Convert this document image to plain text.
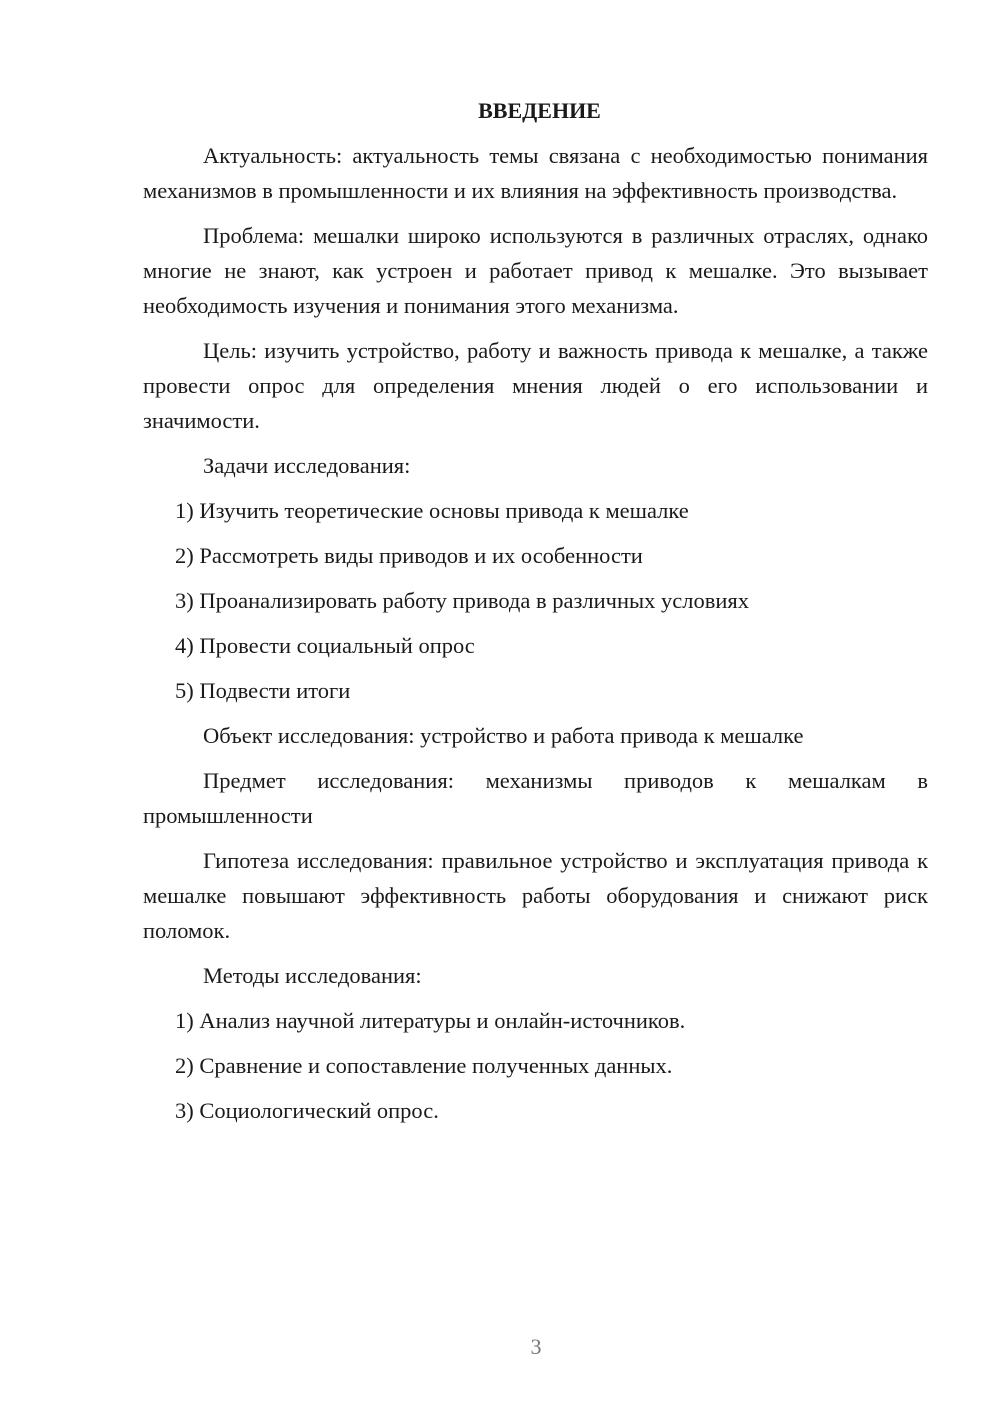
ВВЕДЕНИЕ

Актуальность: актуальность темы связана с необходимостью понимания механизмов в промышленности и их влияния на эффективность производства.

Проблема: мешалки широко используются в различных отраслях, однако многие не знают, как устроен и работает привод к мешалке. Это вызывает необходимость изучения и понимания этого механизма.

Цель: изучить устройство, работу и важность привода к мешалке, а также провести опрос для определения мнения людей о его использовании и значимости.

Задачи исследования:

1) Изучить теоретические основы привода к мешалке

2) Рассмотреть виды приводов и их особенности

3) Проанализировать работу привода в различных условиях

4) Провести социальный опрос

5) Подвести итоги

Объект исследования: устройство и работа привода к мешалке

Предмет исследования: механизмы приводов к мешалкам в промышленности

Гипотеза исследования: правильное устройство и эксплуатация привода к мешалке повышают эффективность работы оборудования и снижают риск поломок.

Методы исследования:

1) Анализ научной литературы и онлайн-источников.

2) Сравнение и сопоставление полученных данных.

3) Социологический опрос.

3
